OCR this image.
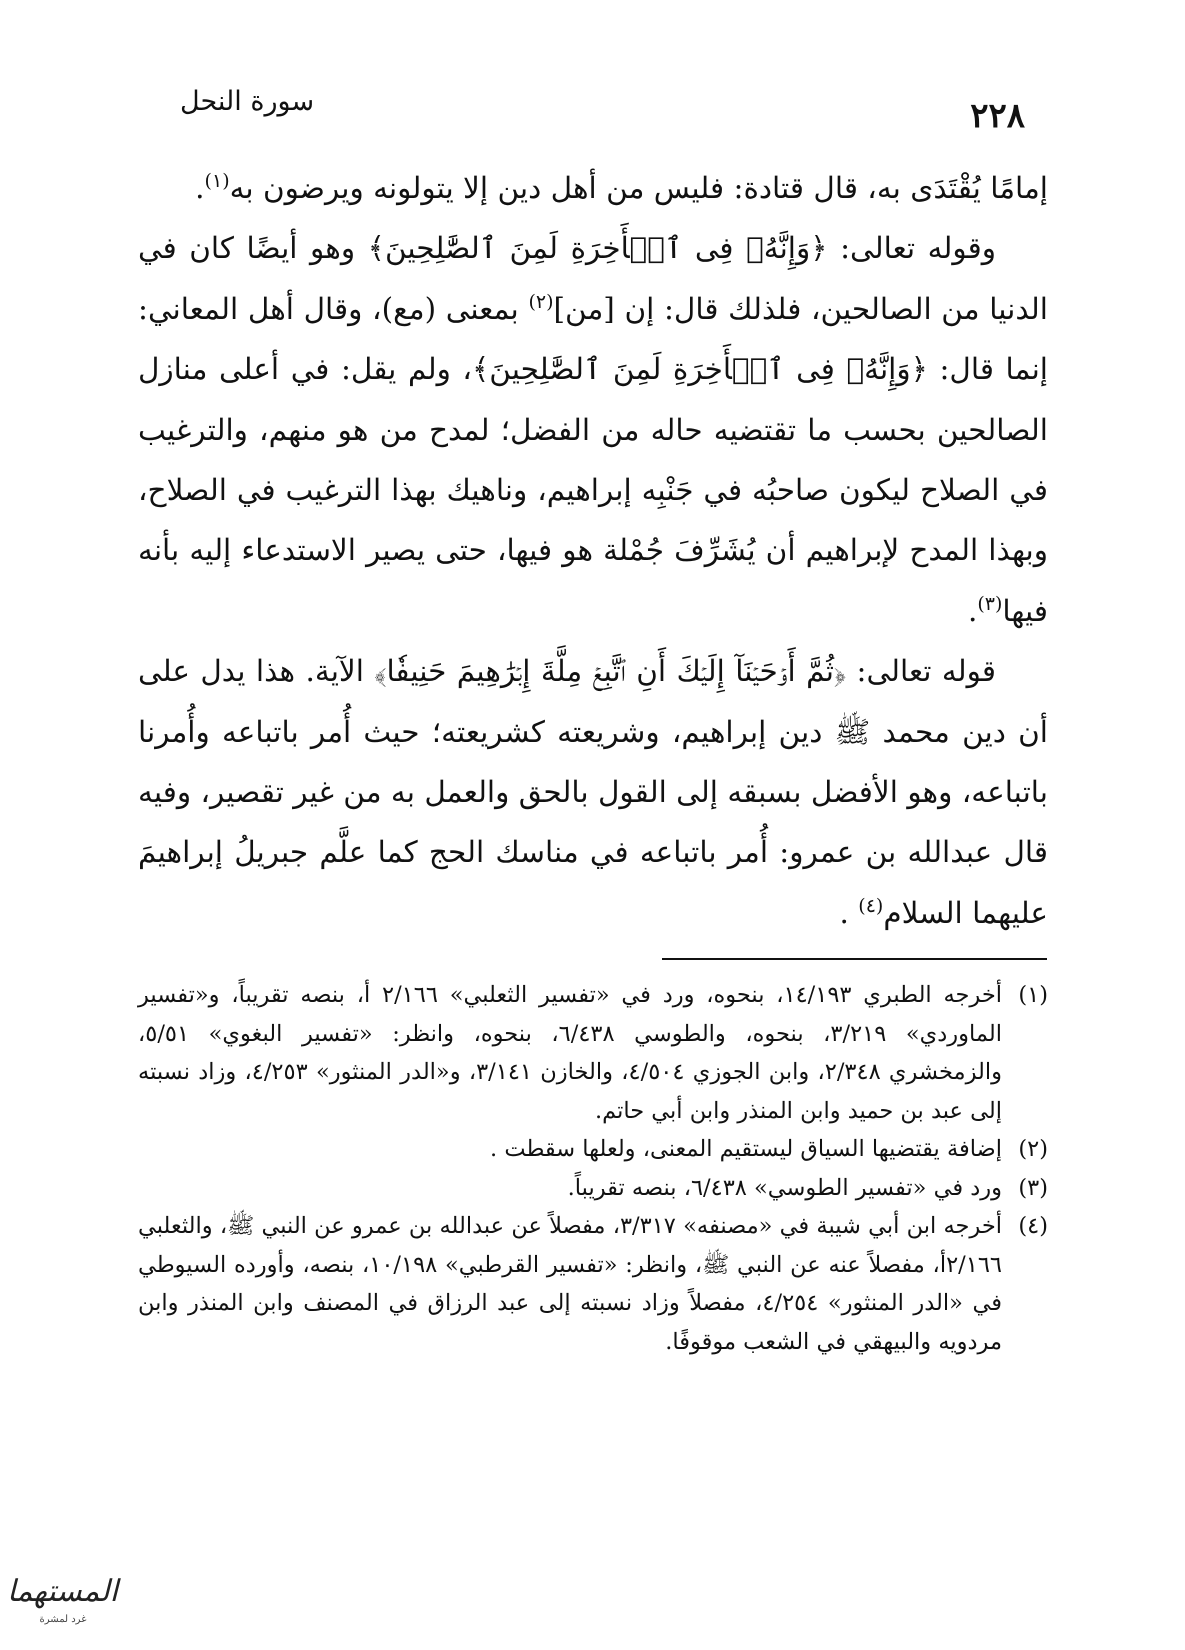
٢٢٨
سورة النحل

إمامًا يُقْتَدَى به، قال قتادة: فليس من أهل دين إلا يتولونه ويرضون به$^{(١)}$.

وقوله تعالى: ﴿وَإِنَّهُۥ فِى ٱلۡأَخِرَةِ لَمِنَ ٱلصَّٰلِحِينَ﴾ وهو أيضًا كان في الدنيا من الصالحين، فلذلك قال: إن [من]$^{(٢)}$ بمعنى (مع)، وقال أهل المعاني: إنما قال: ﴿وَإِنَّهُۥ فِى ٱلۡأَخِرَةِ لَمِنَ ٱلصَّٰلِحِينَ﴾، ولم يقل: في أعلى منازل الصالحين بحسب ما تقتضيه حاله من الفضل؛ لمدح من هو منهم، والترغيب في الصلاح ليكون صاحبُه في جَنْبِه إبراهيم، وناهيك بهذا الترغيب في الصلاح، وبهذا المدح لإبراهيم أن يُشَرِّفَ جُمْلة هو فيها، حتى يصير الاستدعاء إليه بأنه فيها$^{(٣)}$.

قوله تعالى: ﴿ثُمَّ أَوۡحَيۡنَآ إِلَيۡكَ أَنِ ٱتَّبِعۡ مِلَّةَ إِبۡرَٰهِيمَ حَنِيفٗا﴾ الآية. هذا يدل على أن دين محمد ﷺ دين إبراهيم، وشريعته كشريعته؛ حيث أُمر باتباعه وأُمرنا باتباعه، وهو الأفضل بسبقه إلى القول بالحق والعمل به من غير تقصير، وفيه قال عبدالله بن عمرو: أُمر باتباعه في مناسك الحج كما علَّم جبريلُ إبراهيمَ عليهما السلام$^{(٤)}$ .

(١)
أخرجه الطبري ١٤/١٩٣، بنحوه، ورد في «تفسير الثعلبي» ٢/١٦٦ أ، بنصه تقريباً، و«تفسير الماوردي» ٣/٢١٩، بنحوه، والطوسي ٦/٤٣٨، بنحوه، وانظر: «تفسير البغوي» ٥/٥١، والزمخشري ٢/٣٤٨، وابن الجوزي ٤/٥٠٤، والخازن ٣/١٤١، و«الدر المنثور» ٤/٢٥٣، وزاد نسبته إلى عبد بن حميد وابن المنذر وابن أبي حاتم.
(٢)
إضافة يقتضيها السياق ليستقيم المعنى، ولعلها سقطت .
(٣)
ورد في «تفسير الطوسي» ٦/٤٣٨، بنصه تقريباً.
(٤)
أخرجه ابن أبي شيبة في «مصنفه» ٣/٣١٧، مفصلاً عن عبدالله بن عمرو عن النبي ﷺ، والثعلبي ٢/١٦٦أ، مفصلاً عنه عن النبي ﷺ، وانظر: «تفسير القرطبي» ١٠/١٩٨، بنصه، وأورده السيوطي في «الدر المنثور» ٤/٢٥٤، مفصلاً وزاد نسبته إلى عبد الرزاق في المصنف وابن المنذر وابن مردويه والبيهقي في الشعب موقوفًا.
المستهما
غرد لمشرة
